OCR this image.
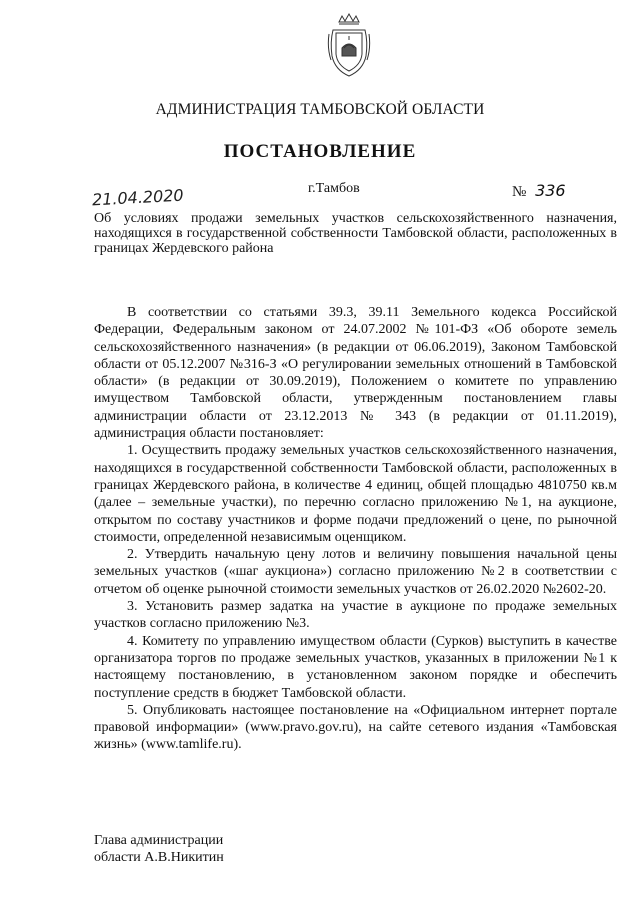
АДМИНИСТРАЦИЯ ТАМБОВСКОЙ ОБЛАСТИ
ПОСТАНОВЛЕНИЕ
21.04.2020	г.Тамбов	№ 336
Об условиях продажи земельных участков сельскохозяйственного назначения, находящихся в государственной собственности Тамбовской области, расположенных в границах Жердевского района

В соответствии со статьями 39.3, 39.11 Земельного кодекса Российской Федерации, Федеральным законом от 24.07.2002 №101-ФЗ «Об обороте земель сельскохозяйственного назначения» (в редакции от 06.06.2019), Законом Тамбовской области от 05.12.2007 №316-З «О регулировании земельных отношений в Тамбовской области» (в редакции от 30.09.2019), Положением о комитете по управлению имуществом Тамбовской области, утвержденным постановлением главы администрации области от 23.12.2013 № 343 (в редакции от 01.11.2019), администрация области постановляет:

1. Осуществить продажу земельных участков сельскохозяйственного назначения, находящихся в государственной собственности Тамбовской области, расположенных в границах Жердевского района, в количестве 4 единиц, общей площадью 4810750 кв.м (далее – земельные участки), по перечню согласно приложению №1, на аукционе, открытом по составу участников и форме подачи предложений о цене, по рыночной стоимости, определенной независимым оценщиком.

2. Утвердить начальную цену лотов и величину повышения начальной цены земельных участков («шаг аукциона») согласно приложению №2 в соответствии с отчетом об оценке рыночной стоимости земельных участков от 26.02.2020 №2602-20.

3. Установить размер задатка на участие в аукционе по продаже земельных участков согласно приложению №3.

4. Комитету по управлению имуществом области (Сурков) выступить в качестве организатора торгов по продаже земельных участков, указанных в приложении №1 к настоящему постановлению, в установленном законом порядке и обеспечить поступление средств в бюджет Тамбовской области.

5. Опубликовать настоящее постановление на «Официальном интернет портале правовой информации» (www.pravo.gov.ru), на сайте сетевого издания «Тамбовская жизнь» (www.tamlife.ru).

Глава администрации
области А.В.Никитин
